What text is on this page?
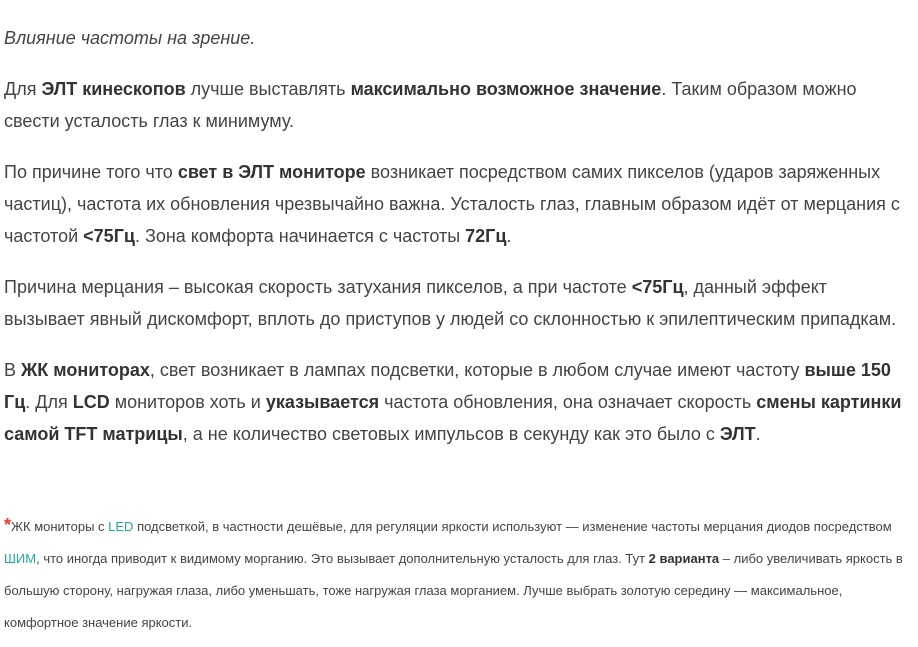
Влияние частоты на зрение.

Для ЭЛТ кинескопов лучше выставлять максимально возможное значение. Таким образом можно свести усталость глаз к минимуму.

По причине того что свет в ЭЛТ мониторе возникает посредством самих пикселов (ударов заряженных частиц), частота их обновления чрезвычайно важна. Усталость глаз, главным образом идёт от мерцания с частотой <75Гц. Зона комфорта начинается с частоты 72Гц.

Причина мерцания – высокая скорость затухания пикселов, а при частоте <75Гц, данный эффект вызывает явный дискомфорт, вплоть до приступов у людей со склонностью к эпилептическим припадкам.

В ЖК мониторах, свет возникает в лампах подсветки, которые в любом случае имеют частоту выше 150 Гц. Для LCD мониторов хоть и указывается частота обновления, она означает скорость смены картинки самой TFT матрицы, а не количество световых импульсов в секунду как это было с ЭЛТ.

*ЖК мониторы с LED подсветкой, в частности дешёвые, для регуляции яркости используют — изменение частоты мерцания диодов посредством ШИМ, что иногда приводит к видимому морганию. Это вызывает дополнительную усталость для глаз. Тут 2 варианта – либо увеличивать яркость в большую сторону, нагружая глаза, либо уменьшать, тоже нагружая глаза морганием. Лучше выбрать золотую середину — максимальное, комфортное значение яркости.
